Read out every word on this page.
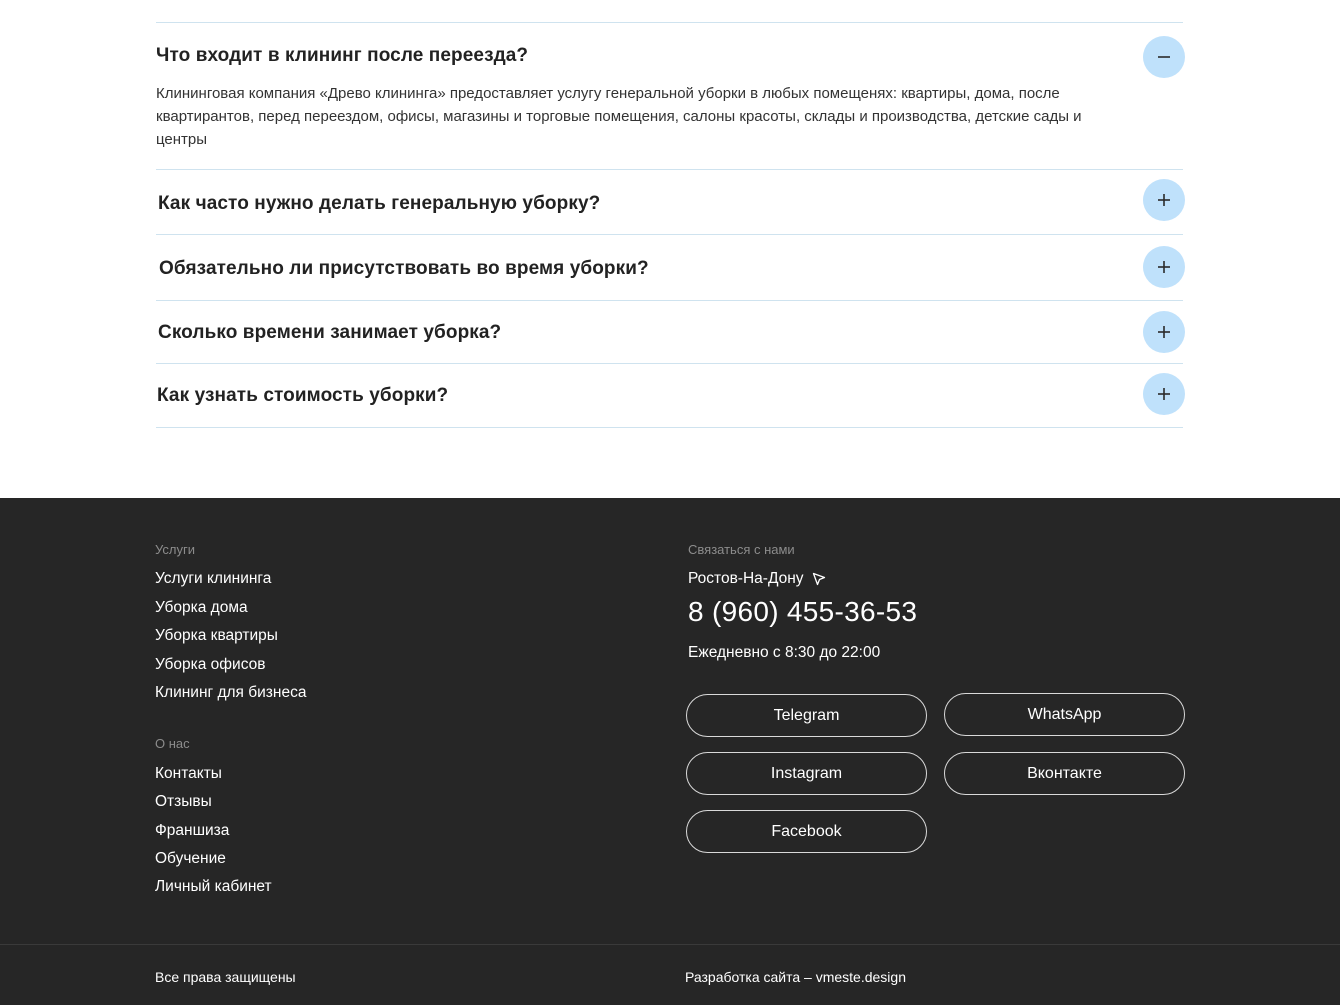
Что входит в клининг после переезда?
Клининговая компания «Древо клининга» предоставляет услугу генеральной уборки в любых помещенях: квартиры, дома, после квартирантов, перед переездом, офисы, магазины и торговые помещения, салоны красоты, склады и производства, детские сады и центры
Как часто нужно делать генеральную уборку?
Обязательно ли присутствовать во время уборки?
Сколько времени занимает уборка?
Как узнать стоимость уборки?
Услуги
Услуги клининга
Уборка дома
Уборка квартиры
Уборка офисов
Клининг для бизнеса
О нас
Контакты
Отзывы
Франшиза
Обучение
Личный кабинет
Связаться с нами
Ростов-На-Дону
8 (960) 455-36-53
Ежедневно с 8:30 до 22:00
Telegram	WhatsApp
Instagram	Вконтакте
Facebook
Все права защищены	Разработка сайта – vmeste.design
